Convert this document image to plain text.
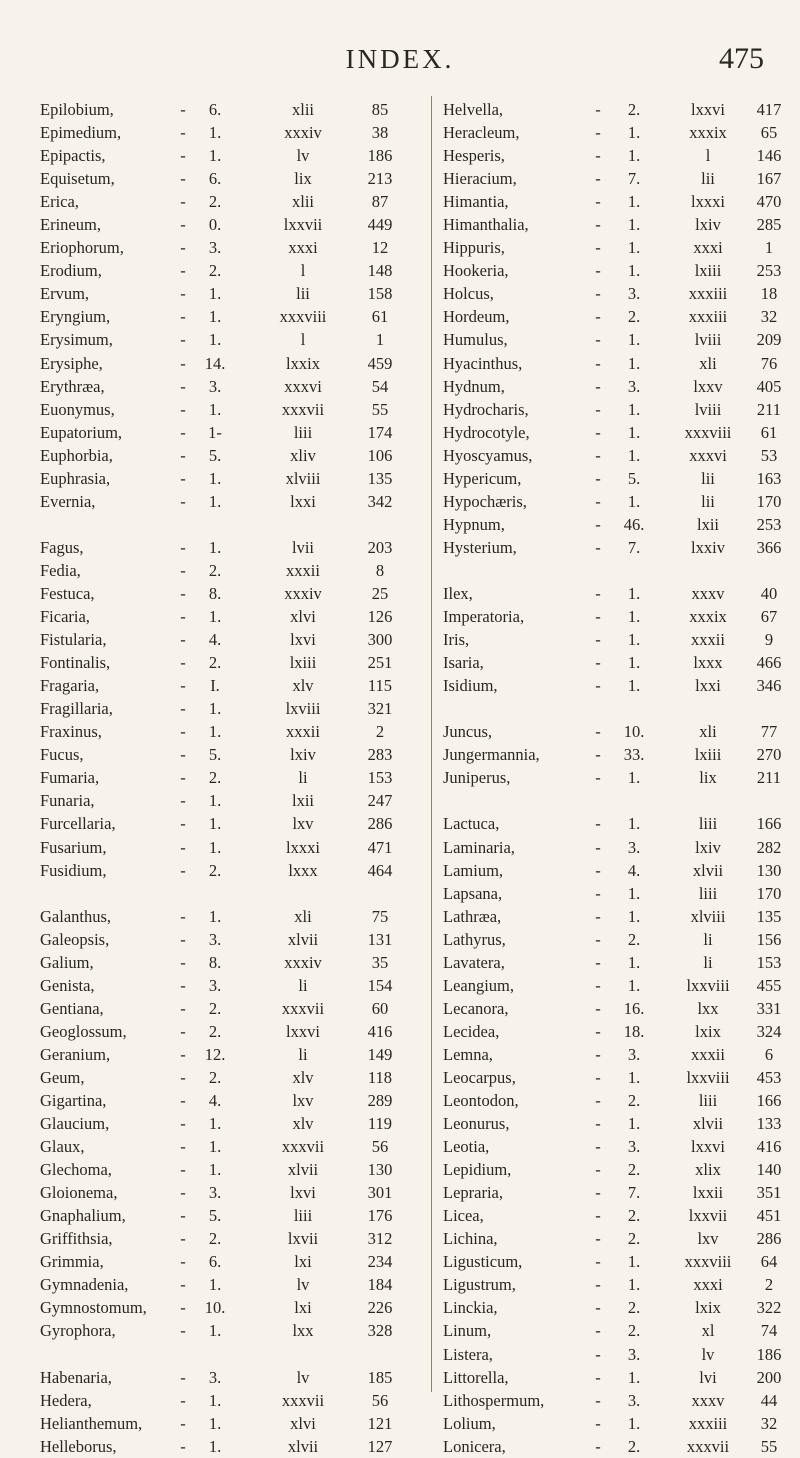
INDEX.	475
Epilobium,	-	6.	xlii	85
Epimedium,	-	1.	xxxiv	38
Epipactis,	-	1.	lv	186
Equisetum,	-	6.	lix	213
Erica,	-	2.	xlii	87
Erineum,	-	0.	lxxvii	449
Eriophorum,	-	3.	xxxi	12
Erodium,	-	2.	l	148
Ervum,	-	1.	lii	158
Eryngium,	-	1.	xxxviii	61
Erysimum,	-	1.	l	1
Erysiphe,	-	14.	lxxix	459
Erythræa,	-	3.	xxxvi	54
Euonymus,	-	1.	xxxvii	55
Eupatorium,	-	1-	liii	174
Euphorbia,	-	5.	xliv	106
Euphrasia,	-	1.	xlviii	135
Evernia,	-	1.	lxxi	342
Fagus,	-	1.	lvii	203
Fedia,	-	2.	xxxii	8
Festuca,	-	8.	xxxiv	25
Ficaria,	-	1.	xlvi	126
Fistularia,	-	4.	lxvi	300
Fontinalis,	-	2.	lxiii	251
Fragaria,	-	I.	xlv	115
Fragillaria,	-	1.	lxviii	321
Fraxinus,	-	1.	xxxii	2
Fucus,	-	5.	lxiv	283
Fumaria,	-	2.	li	153
Funaria,	-	1.	lxii	247
Furcellaria,	-	1.	lxv	286
Fusarium,	-	1.	lxxxi	471
Fusidium,	-	2.	lxxx	464
Galanthus,	-	1.	xli	75
Galeopsis,	-	3.	xlvii	131
Galium,	-	8.	xxxiv	35
Genista,	-	3.	li	154
Gentiana,	-	2.	xxxvii	60
Geoglossum,	-	2.	lxxvi	416
Geranium,	-	12.	li	149
Geum,	-	2.	xlv	118
Gigartina,	-	4.	lxv	289
Glaucium,	-	1.	xlv	119
Glaux,	-	1.	xxxvii	56
Glechoma,	-	1.	xlvii	130
Gloionema,	-	3.	lxvi	301
Gnaphalium,	-	5.	liii	176
Griffithsia,	-	2.	lxvii	312
Grimmia,	-	6.	lxi	234
Gymnadenia,	-	1.	lv	184
Gymnostomum, -	10.	lxi	226
Gyrophora,	-	1.	lxx	328
Habenaria,	-	3.	lv	185
Hedera,	-	1.	xxxvii	56
Helianthemum, -	1.	xlvi	121
Helleborus,	-	1.	xlvii	127
Helvella,	-	2.	lxxvi	417
Heracleum,	-	1.	xxxix	65
Hesperis,	-	1.	l	146
Hieracium,	-	7.	lii	167
Himantia,	-	1.	lxxxi	470
Himanthalia,	-	1.	lxiv	285
Hippuris,	-	1.	xxxi	1
Hookeria,	-	1.	lxiii	253
Holcus,	-	3.	xxxiii	18
Hordeum,	-	2.	xxxiii	32
Humulus,	-	1.	lviii	209
Hyacinthus,	-	1.	xli	76
Hydnum,	-	3.	lxxv	405
Hydrocharis,	-	1.	lviii	211
Hydrocotyle,	-	1.	xxxviii	61
Hyoscyamus,	-	1.	xxxvi	53
Hypericum,	-	5.	lii	163
Hypochæris,	-	1.	lii	170
Hypnum,	-	46.	lxii	253
Hysterium,	-	7.	lxxiv	366
Ilex,	-	1.	xxxv	40
Imperatoria,	-	1.	xxxix	67
Iris,	-	1.	xxxii	9
Isaria,	-	1.	lxxx	466
Isidium,	-	1.	lxxi	346
Juncus,	-	10.	xli	77
Jungermannia,	-	33.	lxiii	270
Juniperus,	-	1.	lix	211
Lactuca,	-	1.	liii	166
Laminaria,	-	3.	lxiv	282
Lamium,	-	4.	xlvii	130
Lapsana,	-	1.	liii	170
Lathræa,	-	1.	xlviii	135
Lathyrus,	-	2.	li	156
Lavatera,	-	1.	li	153
Leangium,	-	1.	lxxviii	455
Lecanora,	-	16.	lxx	331
Lecidea,	-	18.	lxix	324
Lemna,	-	3.	xxxii	6
Leocarpus,	-	1.	lxxviii	453
Leontodon,	-	2.	liii	166
Leonurus,	-	1.	xlvii	133
Leotia,	-	3.	lxxvi	416
Lepidium,	-	2.	xlix	140
Lepraria,	-	7.	lxxii	351
Licea,	-	2.	lxxvii	451
Lichina,	-	2.	lxv	286
Ligusticum,	-	1.	xxxviii	64
Ligustrum,	-	1.	xxxi	2
Linckia,	-	2.	lxix	322
Linum,	-	2.	xl	74
Listera,	-	3.	lv	186
Littorella,	-	1.	lvi	200
Lithospermum,	-	3.	xxxv	44
Lolium,	-	1.	xxxiii	32
Lonicera,	-	2.	xxxvii	55
